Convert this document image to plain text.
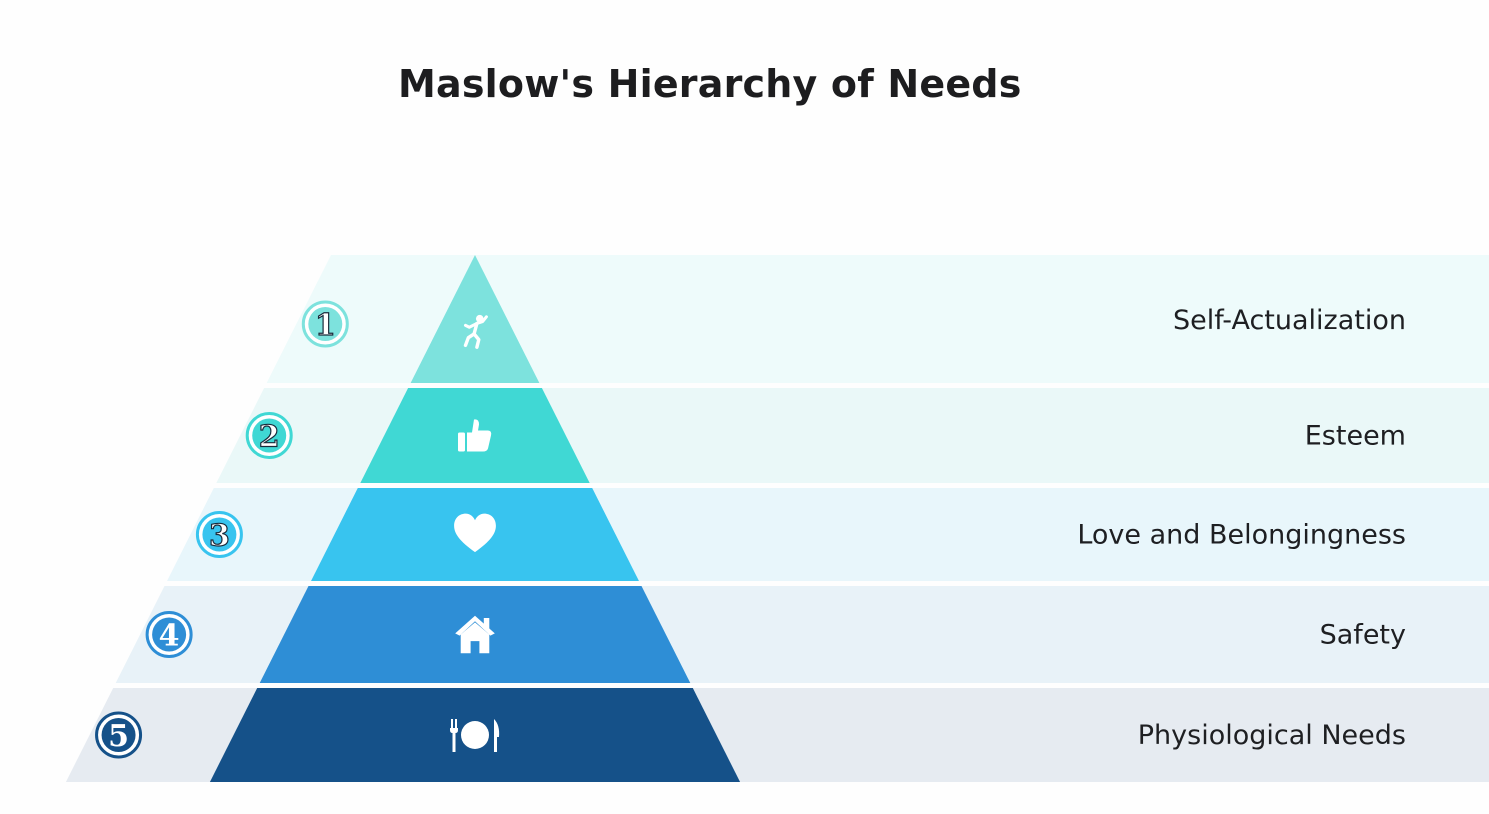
Maslow's Hierarchy of Needs
1
2
3
4
5
Self-Actualization
Esteem
Love and Belongingness
Safety
Physiological Needs
